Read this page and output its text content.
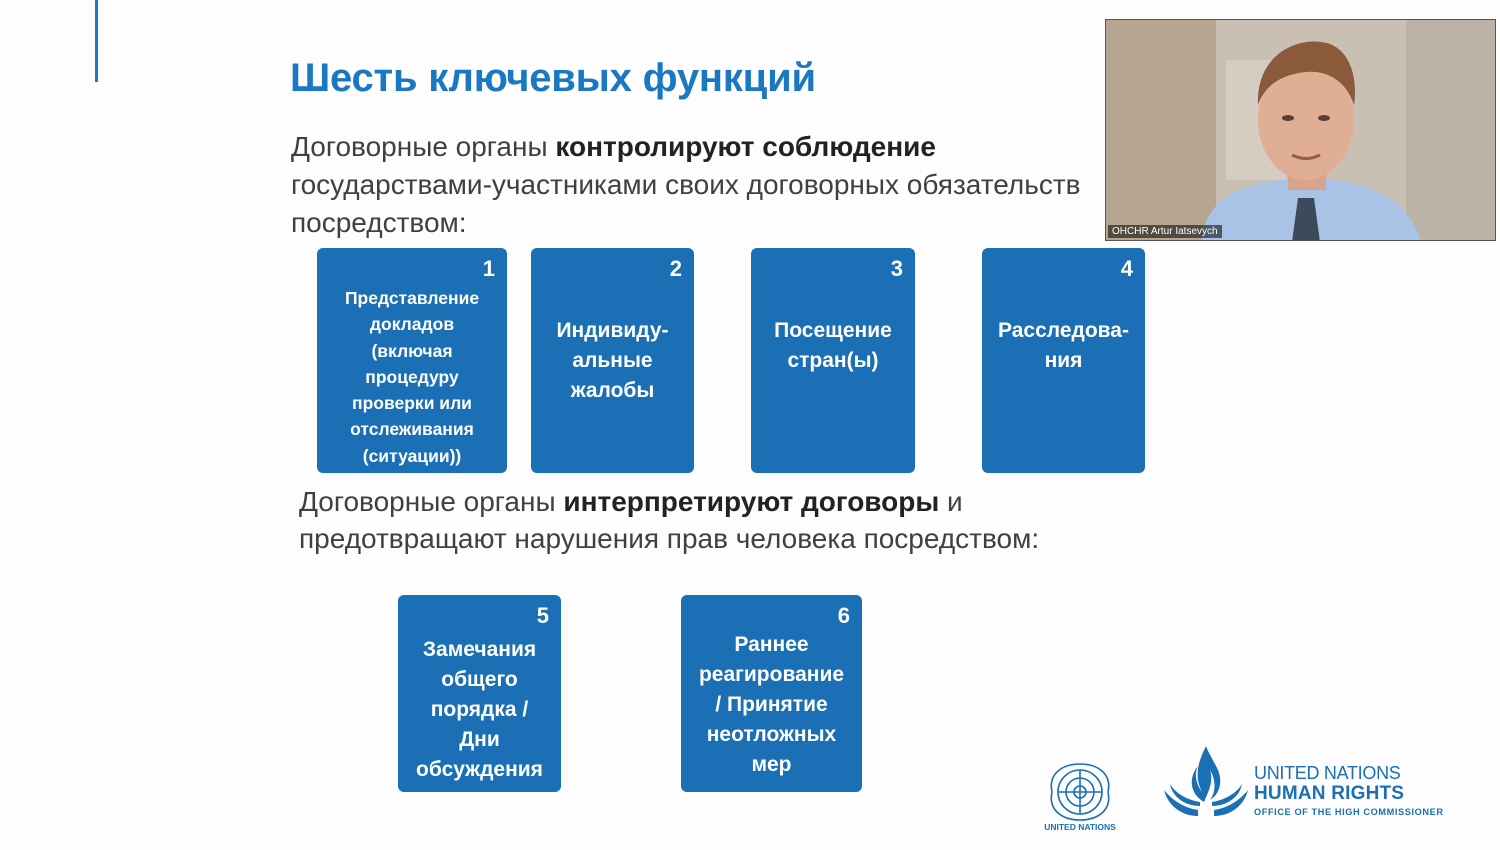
Шесть ключевых функций
Договорные органы контролируют соблюдение
государствами-участниками своих договорных обязательств
посредством:
1
Представление
докладов
(включая
процедуру
проверки или
отслеживания
(ситуации))
2
Индивиду-
альные
жалобы
3
Посещение
стран(ы)
4
Расследова-
ния
Договорные органы интерпретируют договоры и
предотвращают нарушения прав человека посредством:
5
Замечания
общего
порядка /
Дни
обсуждения
6
Раннее
реагирование
/ Принятие
неотложных
мер
OHCHR Artur Iatsevych
UNITED NATIONS
UNITED NATIONS
HUMAN RIGHTS
OFFICE OF THE HIGH COMMISSIONER
